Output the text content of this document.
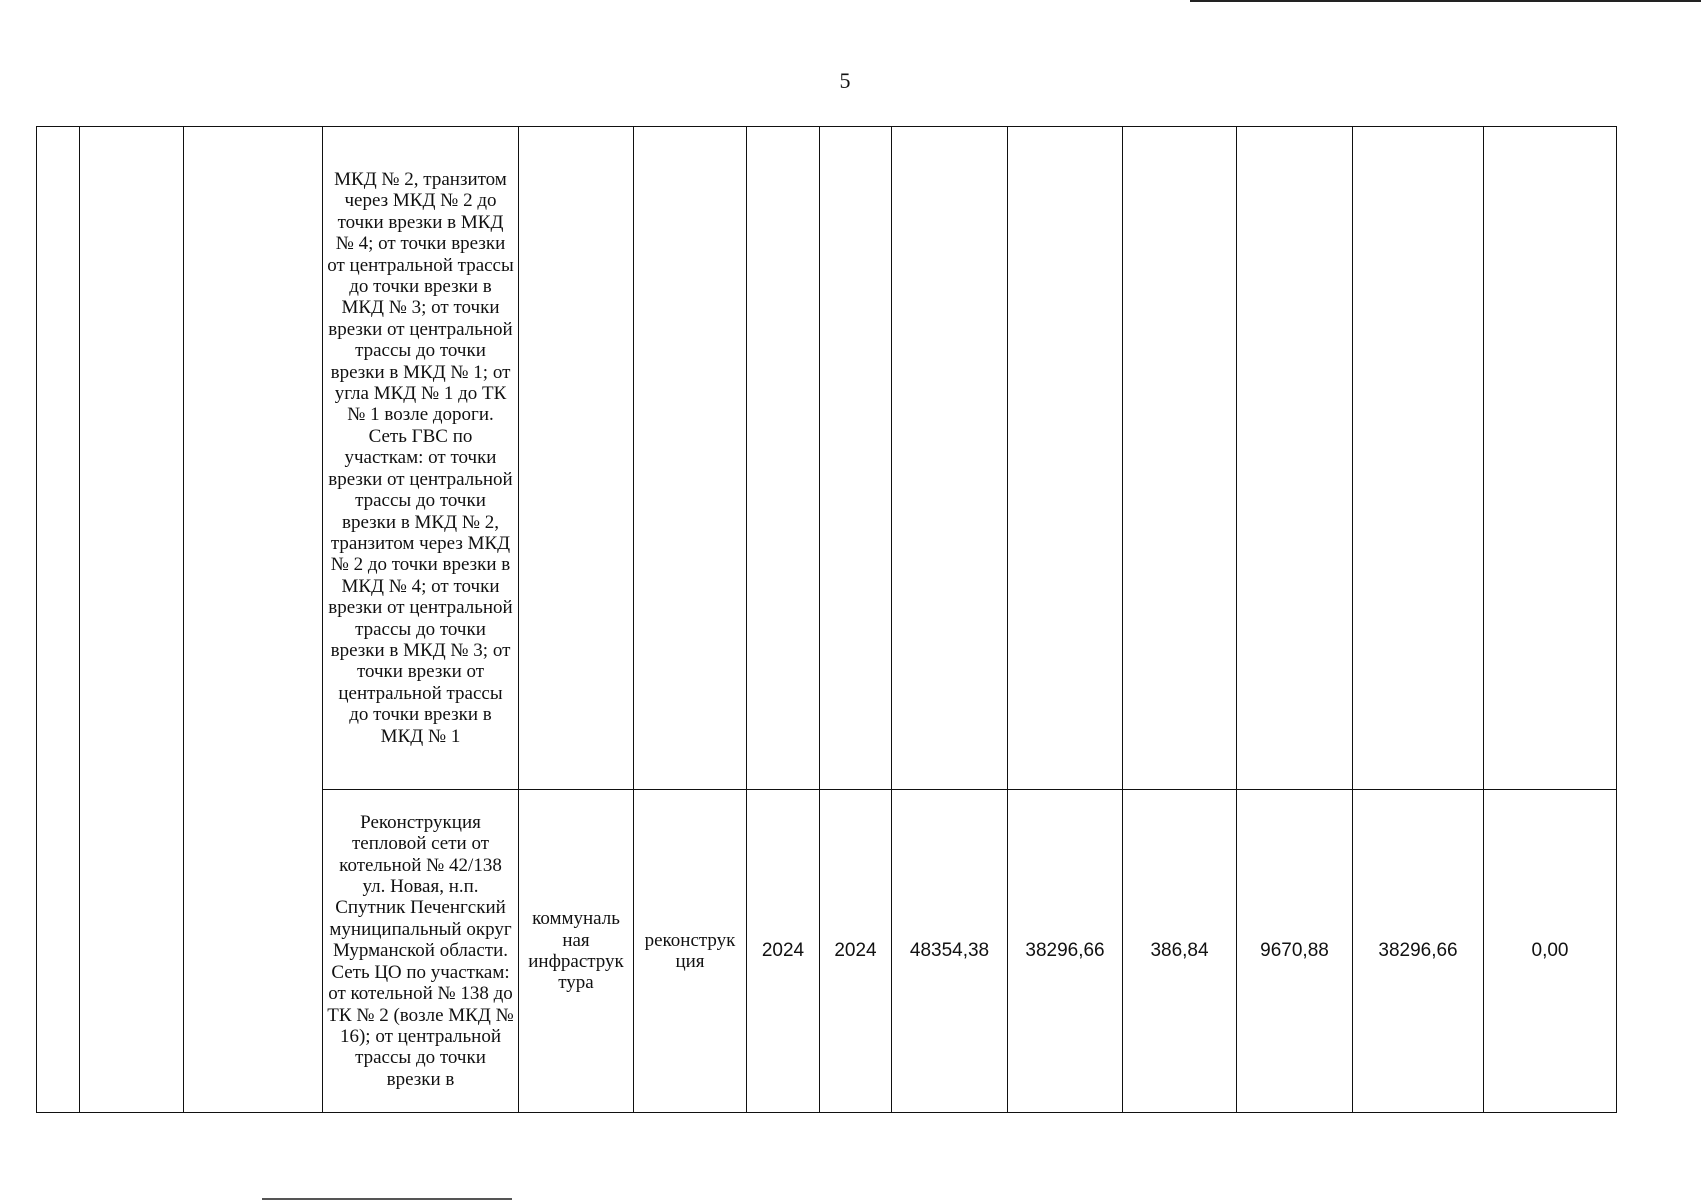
5
			МКД № 2, транзитом через МКД № 2 до точки врезки в МКД № 4; от точки врезки от центральной трассы до точки врезки в МКД № 3; от точки врезки от центральной трассы до точки врезки в МКД № 1; от угла МКД № 1 до ТК № 1 возле дороги. Сеть ГВС по участкам: от точки врезки от центральной трассы до точки врезки в МКД № 2, транзитом через МКД № 2 до точки врезки в МКД № 4; от точки врезки от центральной трассы до точки врезки в МКД № 3; от точки врезки от центральной трассы до точки врезки в МКД № 1										
			Реконструкция тепловой сети от котельной № 42/138 ул. Новая, н.п. Спутник Печенгский муниципальный округ Мурманской области. Сеть ЦО по участкам: от котельной № 138 до ТК № 2 (возле МКД № 16); от центральной трассы до точки врезки в	коммуналь ная инфраструк тура	реконструк ция	2024	2024	48354,38	38296,66	386,84	9670,88	38296,66	0,00
